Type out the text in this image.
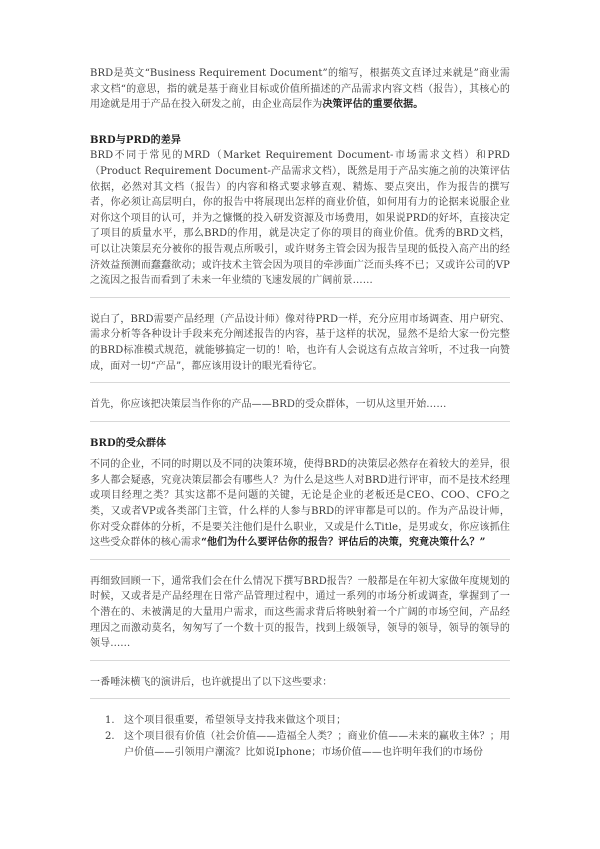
BRD是英文“Business Requirement Document”的缩写，根据英文直译过来就是”商业需求文档“的意思，指的就是基于商业目标或价值所描述的产品需求内容文档（报告），其核心的用途就是用于产品在投入研发之前，由企业高层作为决策评估的重要依据。

BRD与PRD的差异

BRD不同于常见的MRD（Market Requirement Document-市场需求文档）和PRD（Product Requirement Document-产品需求文档），既然是用于产品实施之前的决策评估依据，必然对其文档（报告）的内容和格式要求够直观、精炼、要点突出，作为报告的撰写者，你必须让高层明白，你的报告中将展现出怎样的商业价值，如何用有力的论据来说服企业对你这个项目的认可，并为之慷慨的投入研发资源及市场费用，如果说PRD的好坏，直接决定了项目的质量水平，那么BRD的作用，就是决定了你的项目的商业价值。优秀的BRD文档，可以让决策层充分被你的报告观点所吸引，或许财务主管会因为报告呈现的低投入高产出的经济效益预测而蠢蠢欲动；或许技术主管会因为项目的牵涉面广泛而头疼不已；又或许公司的VP之流因之报告而看到了未来一年业绩的飞速发展的广阔前景……

说白了，BRD需要产品经理（产品设计师）像对待PRD一样，充分应用市场调查、用户研究、需求分析等各种设计手段来充分阐述报告的内容，基于这样的状况，显然不是给大家一份完整的BRD标准模式规范，就能够搞定一切的！哈，也许有人会说这有点故言耸听，不过我一向赞成，面对一切“产品”，都应该用设计的眼光看待它。

首先，你应该把决策层当作你的产品——BRD的受众群体，一切从这里开始……

BRD的受众群体

不同的企业，不同的时期以及不同的决策环境，使得BRD的决策层必然存在着较大的差异，很多人都会疑惑，究竟决策层都会有哪些人？为什么是这些人对BRD进行评审，而不是技术经理或项目经理之类？其实这都不是问题的关键，无论是企业的老板还是CEO、COO、CFO之类，又或者VP或各类部门主管，什么样的人参与BRD的评审都是可以的。作为产品设计师，你对受众群体的分析，不是要关注他们是什么职业，又或是什么Title，是男或女，你应该抓住这些受众群体的核心需求“他们为什么要评估你的报告？评估后的决策，究竟决策什么？”

再细致回顾一下，通常我们会在什么情况下撰写BRD报告？一般都是在年初大家做年度规划的时候，又或者是产品经理在日常产品管理过程中，通过一系列的市场分析或调查，掌握到了一个潜在的、未被满足的大量用户需求，而这些需求背后将映射着一个广阔的市场空间，产品经理因之而激动莫名，匆匆写了一个数十页的报告，找到上级领导，领导的领导，领导的领导的领导……

一番唾沫横飞的演讲后，也许就提出了以下这些要求：

1. 这个项目很重要，希望领导支持我来做这个项目；
2. 这个项目很有价值（社会价值——造福全人类？；商业价值——未来的赢收主体？；用户价值——引领用户潮流？比如说Iphone；市场价值——也许明年我们的市场份
